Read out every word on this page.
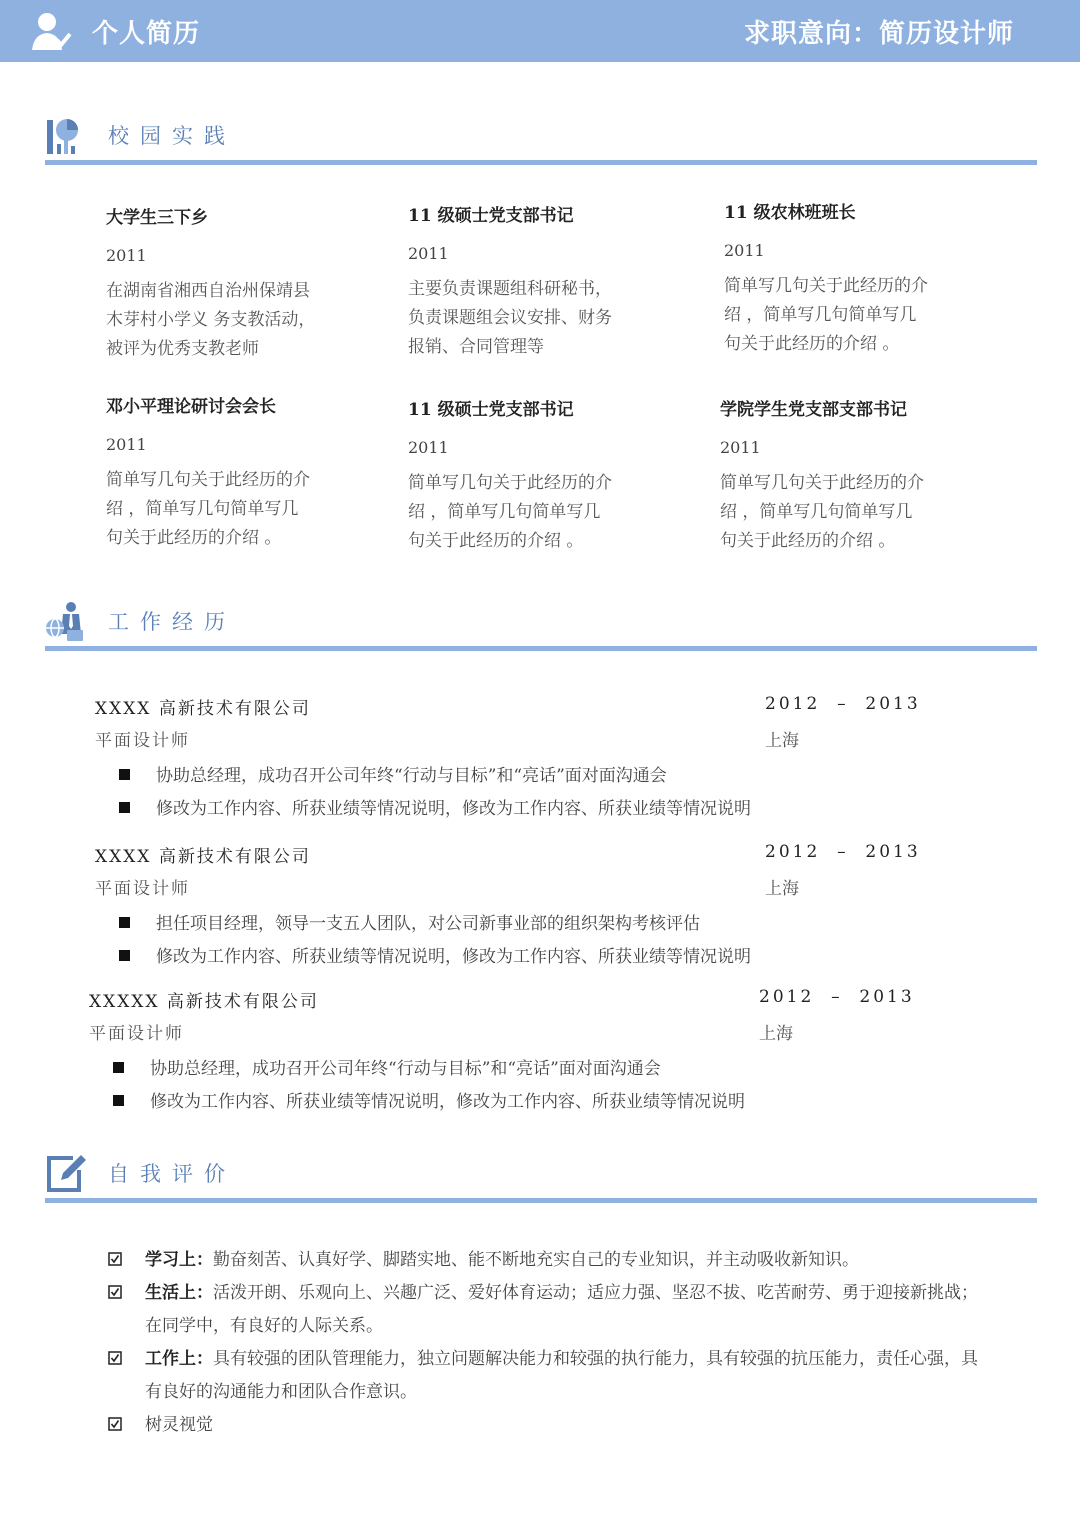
个人简历	求职意向：简历设计师
校园实践
大学生三下乡
2011
在湖南省湘西自治州保靖县
木芽村小学义 务支教活动，
被评为优秀支教老师
11 级硕士党支部书记
2011
主要负责课题组科研秘书，
负责课题组会议安排、财务
报销、合同管理等
11 级农林班班长
2011
简单写几句关于此经历的介
绍 ，简单写几句简单写几
句关于此经历的介绍 。
邓小平理论研讨会会长
2011
简单写几句关于此经历的介
绍 ，简单写几句简单写几
句关于此经历的介绍 。
11 级硕士党支部书记
2011
简单写几句关于此经历的介
绍 ，简单写几句简单写几
句关于此经历的介绍 。
学院学生党支部支部书记
2011
简单写几句关于此经历的介
绍 ，简单写几句简单写几
句关于此经历的介绍 。
工作经历
XXXX 高新技术有限公司	2012  –  2013
平面设计师	上海
协助总经理，成功召开公司年终“行动与目标”和“亮话”面对面沟通会
修改为工作内容、所获业绩等情况说明，修改为工作内容、所获业绩等情况说明
XXXX 高新技术有限公司	2012  –  2013
平面设计师	上海
担任项目经理，领导一支五人团队，对公司新事业部的组织架构考核评估
修改为工作内容、所获业绩等情况说明，修改为工作内容、所获业绩等情况说明
XXXXX 高新技术有限公司	2012  –  2013
平面设计师	上海
协助总经理，成功召开公司年终“行动与目标”和“亮话”面对面沟通会
修改为工作内容、所获业绩等情况说明，修改为工作内容、所获业绩等情况说明
自我评价
学习上：勤奋刻苦、认真好学、脚踏实地、能不断地充实自己的专业知识，并主动吸收新知识。
生活上：活泼开朗、乐观向上、兴趣广泛、爱好体育运动；适应力强、坚忍不拔、吃苦耐劳、勇于迎接新挑战；在同学中，有良好的人际关系。
工作上：具有较强的团队管理能力，独立问题解决能力和较强的执行能力，具有较强的抗压能力，责任心强，具有良好的沟通能力和团队合作意识。
树灵视觉
